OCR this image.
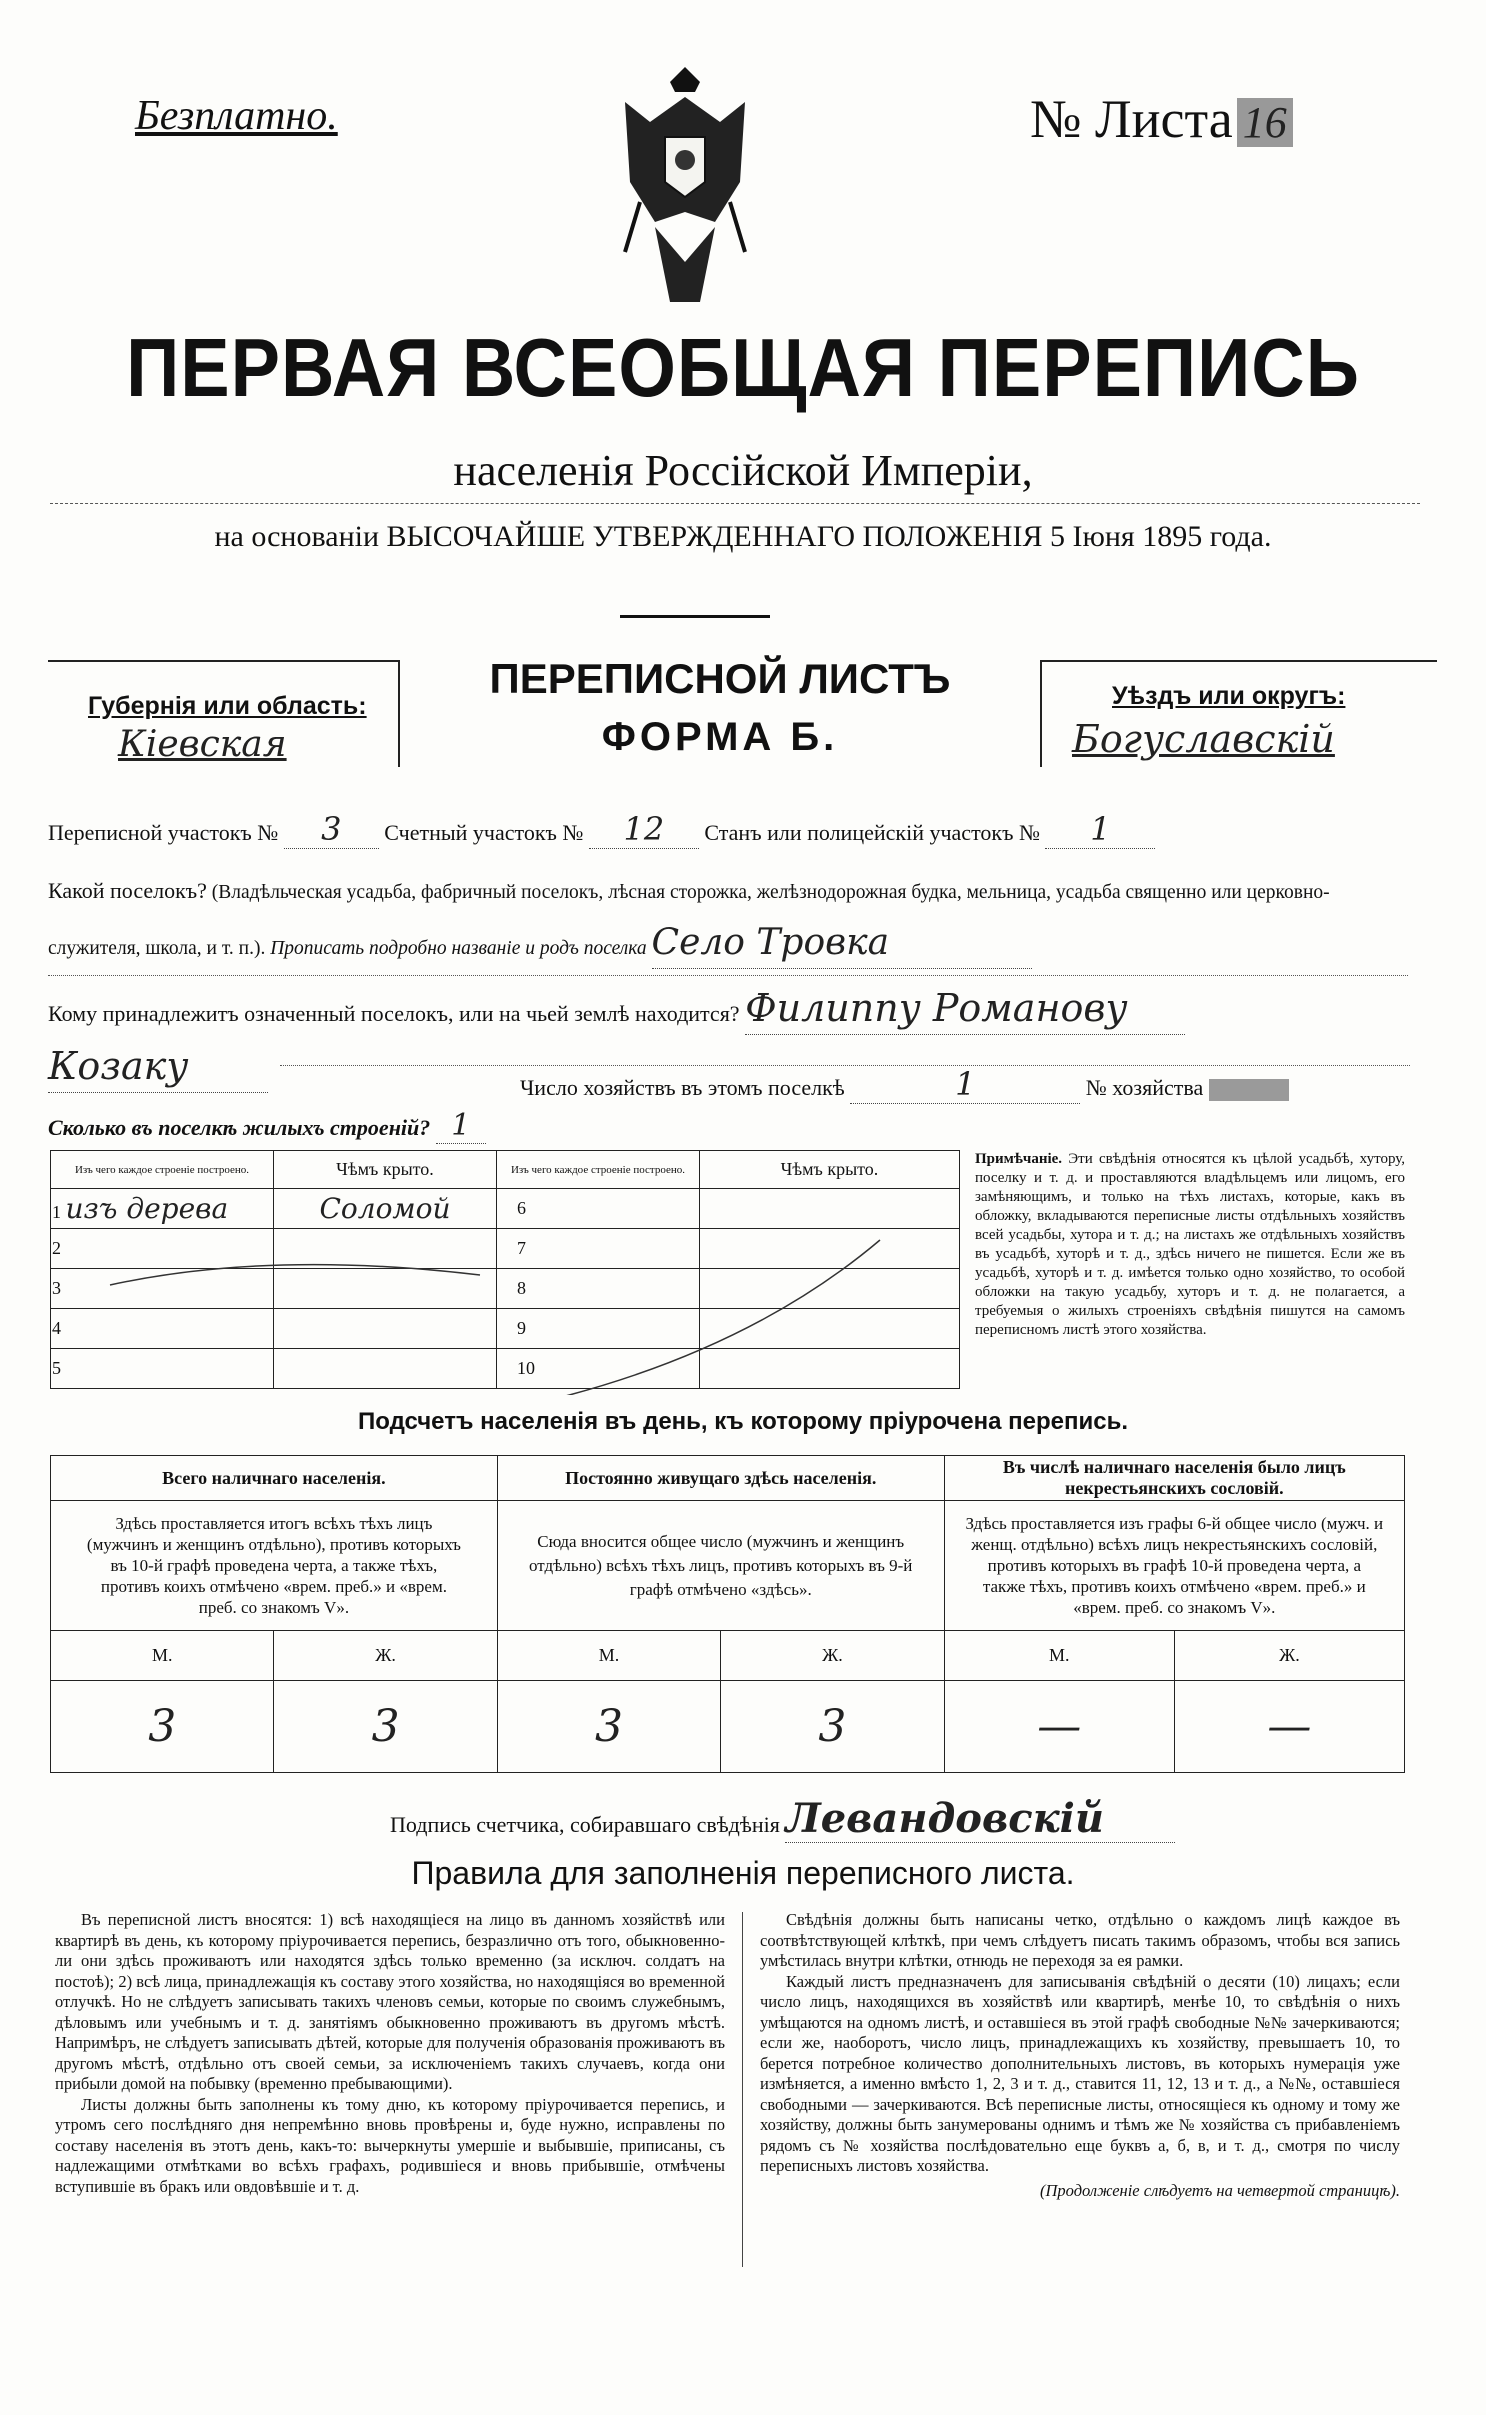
Безплатно.	№ Листа 16
ПЕРВАЯ ВСЕОБЩАЯ ПЕРЕПИСЬ
населенія Россійской Имперіи,
на основаніи ВЫСОЧАЙШЕ УТВЕРЖДЕННАГО ПОЛОЖЕНІЯ 5 Іюня 1895 года.
Губернія или область:
Кіевская
ПЕРЕПИСНОЙ ЛИСТЪ
ФОРМА Б.
Уѣздъ или округъ:
Богуславскій
Переписной участокъ № 3 Счетный участокъ № 12 Станъ или полицейскій участокъ № 1
Какой поселокъ? (Владѣльческая усадьба, фабричный поселокъ, лѣсная сторожка, желѣзнодорожная будка, мельница, усадьба священно или церковно-служителя, школа, и т. п.). Прописать подробно названіе и родъ поселка Село Тровка
Кому принадлежитъ означенный поселокъ, или на чьей землѣ находится? Филиппу Романову Козаку	Число хозяйствъ въ этомъ поселкѣ	1	№ хозяйства
Сколько въ поселкѣ жилыхъ строеній? 1
Изъ чего каждое строеніе построено.	Чѣмъ крыто.	Изъ чего каждое строеніе построено.	Чѣмъ крыто.
1 изъ дерева	Соломой	6	
2		7	
3		8	
4		9	
5		10	
Примѣчаніе. Эти свѣдѣнія относятся къ цѣлой усадьбѣ, хутору, поселку и т. д. и проставляются владѣльцемъ или лицомъ, его замѣняющимъ, и только на тѣхъ листахъ, которые, какъ въ обложку, вкладываются переписные листы отдѣльныхъ хозяйствъ всей усадьбы, хутора и т. д.; на листахъ же отдѣльныхъ хозяйствъ въ усадьбѣ, хуторѣ и т. д., здѣсь ничего не пишется. Если же въ усадьбѣ, хуторѣ и т. д. имѣется только одно хозяйство, то особой обложки на такую усадьбу, хуторъ и т. д. не полагается, а требуемыя о жилыхъ строеніяхъ свѣдѣнія пишутся на самомъ переписномъ листѣ этого хозяйства.
Подсчетъ населенія въ день, къ которому пріурочена перепись.
Всего наличнаго населенія.		Постоянно живущаго здѣсь населенія.		Въ числѣ наличнаго населенія было лицъ некрестьянскихъ сословій.	
Здѣсь проставляется итогъ всѣхъ тѣхъ лицъ (мужчинъ и женщинъ отдѣльно), противъ которыхъ въ 10-й графѣ проведена черта, а также тѣхъ, противъ коихъ отмѣчено «врем. преб.» и «врем. преб. со знакомъ V».		Сюда вносится общее число (мужчинъ и женщинъ отдѣльно) всѣхъ тѣхъ лицъ, противъ которыхъ въ 9-й графѣ отмѣчено «здѣсь».		Здѣсь проставляется изъ графы 6-й общее число (мужч. и женщ. отдѣльно) всѣхъ лицъ некрестьянскихъ сословій, противъ которыхъ въ графѣ 10-й проведена черта, а также тѣхъ, противъ коихъ отмѣчено «врем. преб.» и «врем. преб. со знакомъ V».	
М.	Ж.	М.	Ж.	М.	Ж.
3	3	3	3	—	—
Подпись счетчика, собиравшаго свѣдѣнія Левандовскій
Правила для заполненія переписного листа.

Въ переписной листъ вносятся: 1) всѣ находящіеся на лицо въ данномъ хозяйствѣ или квартирѣ въ день, къ которому пріурочивается перепись, безразлично отъ того, обыкновенно-ли они здѣсь проживаютъ или находятся здѣсь только временно (за исключ. солдатъ на постоѣ); 2) всѣ лица, принадлежащія къ составу этого хозяйства, но находящіяся во временной отлучкѣ. Но не слѣдуетъ записывать такихъ членовъ семьи, которые по своимъ служебнымъ, дѣловымъ или учебнымъ и т. д. занятіямъ обыкновенно проживаютъ въ другомъ мѣстѣ. Напримѣръ, не слѣдуетъ записывать дѣтей, которые для полученія образованія проживаютъ въ другомъ мѣстѣ, отдѣльно отъ своей семьи, за исключеніемъ такихъ случаевъ, когда они прибыли домой на побывку (временно пребывающими).

Листы должны быть заполнены къ тому дню, къ которому пріурочивается перепись, и утромъ сего послѣдняго дня непремѣнно вновь провѣрены и, буде нужно, исправлены по составу населенія въ этотъ день, какъ-то: вычеркнуты умершіе и выбывшіе, приписаны, съ надлежащими отмѣтками во всѣхъ графахъ, родившіеся и вновь прибывшіе, отмѣчены вступившіе въ бракъ или овдовѣвшіе и т. д.

Свѣдѣнія должны быть написаны четко, отдѣльно о каждомъ лицѣ каждое въ соотвѣтствующей клѣткѣ, при чемъ слѣдуетъ писать такимъ образомъ, чтобы вся запись умѣстилась внутри клѣтки, отнюдь не переходя за ея рамки.

Каждый листъ предназначенъ для записыванія свѣдѣній о десяти (10) лицахъ; если число лицъ, находящихся въ хозяйствѣ или квартирѣ, менѣе 10, то свѣдѣнія о нихъ умѣщаются на одномъ листѣ, и оставшіеся въ этой графѣ свободные №№ зачеркиваются; если же, наоборотъ, число лицъ, принадлежащихъ къ хозяйству, превышаетъ 10, то берется потребное количество дополнительныхъ листовъ, въ которыхъ нумерація уже измѣняется, а именно вмѣсто 1, 2, 3 и т. д., ставится 11, 12, 13 и т. д., а №№, оставшіеся свободными — зачеркиваются. Всѣ переписные листы, относящіеся къ одному и тому же хозяйству, должны быть занумерованы однимъ и тѣмъ же № хозяйства съ прибавленіемъ рядомъ съ № хозяйства послѣдовательно еще буквъ а, б, в, и т. д., смотря по числу переписныхъ листовъ хозяйства.

(Продолженіе слѣдуетъ на четвертой страницѣ).
